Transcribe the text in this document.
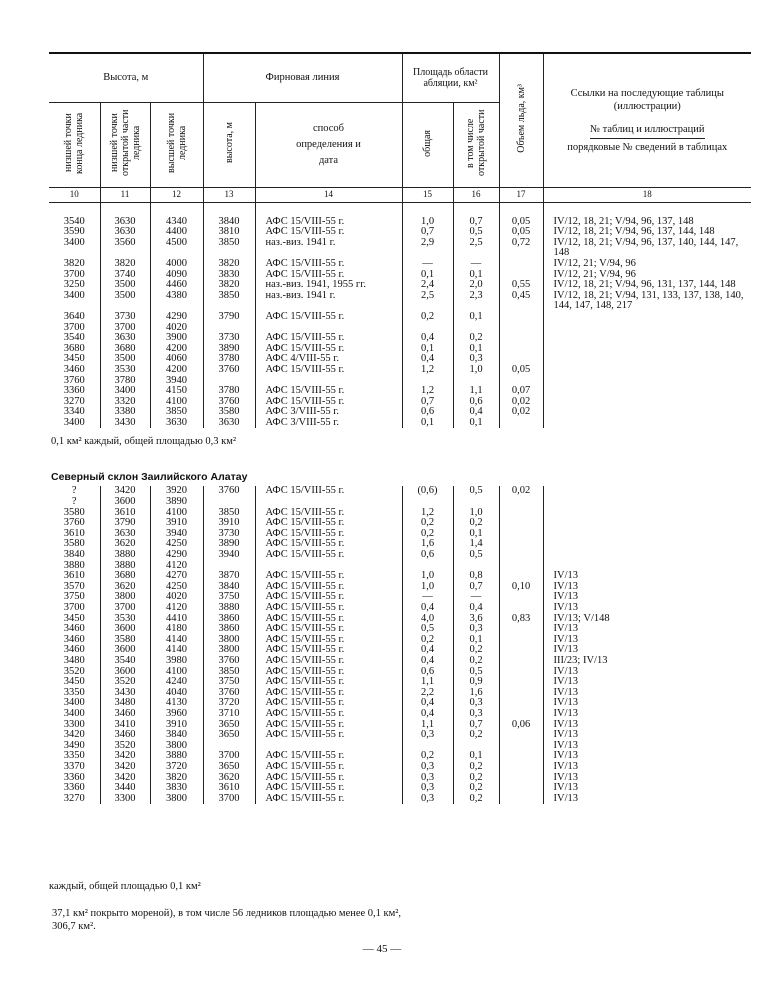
Высота, м			Фирновая линия		Площадь области абляции, км²		Объем льда, км³	Ссылки на последующие таблицы (иллюстрации)
№ таблиц и иллюстраций
порядковые № сведений в таблицах

низшей точки конца ледника	низшей точки открытой части ледника	высшей точки ледника	высота, м	способ определения и дата	общая	в том числе открытой части		
10	11	12	13	14	15	16	17	18

3540	3630	4340	3840	АФС 15/VIII-55 г.	1,0	0,7	0,05	IV/12, 18, 21; V/94, 96, 137, 148
3590	3630	4400	3810	АФС 15/VIII-55 г.	0,7	0,5	0,05	IV/12, 18, 21; V/94, 96, 137, 144, 148

3400	3560	4500	3850	наз.-виз. 1941 г.	2,9	2,5	0,72	IV/12, 18, 21; V/94, 96, 137, 140, 144, 147, 148

3820	3820	4000	3820	АФС 15/VIII-55 г.	—	—		IV/12, 21; V/94, 96
3700	3740	4090	3830	АФС 15/VIII-55 г.	0,1	0,1		IV/12, 21; V/94, 96
3250	3500	4460	3820	наз.-виз. 1941, 1955 гг.	2,4	2,0	0,55	IV/12, 18, 21; V/94, 96, 131, 137, 144, 148

3400	3500	4380	3850	наз.-виз. 1941 г.	2,5	2,3	0,45	IV/12, 18, 21; V/94, 131, 133, 137, 138, 140, 144, 147, 148, 217

3640	3730	4290	3790	АФС 15/VIII-55 г.	0,2	0,1		
3700	3700	4020						
3540	3630	3900	3730	АФС 15/VIII-55 г.	0,4	0,2		
3680	3680	4200	3890	АФС 15/VIII-55 г.	0,1	0,1		
3450	3500	4060	3780	АФС 4/VIII-55 г.	0,4	0,3		
3460	3530	4200	3760	АФС 15/VIII-55 г.	1,2	1,0	0,05	
3760	3780	3940						
3360	3400	4150	3780	АФС 15/VIII-55 г.	1,2	1,1	0,07	
3270	3320	4100	3760	АФС 15/VIII-55 г.	0,7	0,6	0,02	
3340	3380	3850	3580	АФС 3/VIII-55 г.	0,6	0,4	0,02	
3400	3430	3630	3630	АФС 3/VIII-55 г.	0,1	0,1		
0,1 км² каждый, общей площадью 0,3 км²								
Северный склон Заилийского Алатау								
?	3420	3920	3760	АФС 15/VIII-55 г.	(0,6)	0,5	0,02	
?	3600	3890						
3580	3610	4100	3850	АФС 15/VIII-55 г.	1,2	1,0		
3760	3790	3910	3910	АФС 15/VIII-55 г.	0,2	0,2		
3610	3630	3940	3730	АФС 15/VIII-55 г.	0,2	0,1		
3580	3620	4250	3890	АФС 15/VIII-55 г.	1,6	1,4		
3840	3880	4290	3940	АФС 15/VIII-55 г.	0,6	0,5		
3880	3880	4120						
3610	3680	4270	3870	АФС 15/VIII-55 г.	1,0	0,8		IV/13
3570	3620	4250	3840	АФС 15/VIII-55 г.	1,0	0,7	0,10	IV/13
3750	3800	4020	3750	АФС 15/VIII-55 г.	—	—		IV/13
3700	3700	4120	3880	АФС 15/VIII-55 г.	0,4	0,4		IV/13
3450	3530	4410	3860	АФС 15/VIII-55 г.	4,0	3,6	0,83	IV/13; V/148

3460	3600	4180	3860	АФС 15/VIII-55 г.	0,5	0,3		IV/13
3460	3580	4140	3800	АФС 15/VIII-55 г.	0,2	0,1		IV/13
3460	3600	4140	3800	АФС 15/VIII-55 г.	0,4	0,2		IV/13
3480	3540	3980	3760	АФС 15/VIII-55 г.	0,4	0,2		III/23; IV/13
3520	3600	4100	3850	АФС 15/VIII-55 г.	0,6	0,5		IV/13
3450	3520	4240	3750	АФС 15/VIII-55 г.	1,1	0,9		IV/13
3350	3430	4040	3760	АФС 15/VIII-55 г.	2,2	1,6		IV/13
3400	3480	4130	3720	АФС 15/VIII-55 г.	0,4	0,3		IV/13
3400	3460	3960	3710	АФС 15/VIII-55 г.	0,4	0,3		IV/13
3300	3410	3910	3650	АФС 15/VIII-55 г.	1,1	0,7	0,06	IV/13
3420	3460	3840	3650	АФС 15/VIII-55 г.	0,3	0,2		IV/13
3490	3520	3800						IV/13
3350	3420	3880	3700	АФС 15/VIII-55 г.	0,2	0,1		IV/13
3370	3420	3720	3650	АФС 15/VIII-55 г.	0,3	0,2		IV/13
3360	3420	3820	3620	АФС 15/VIII-55 г.	0,3	0,2		IV/13
3360	3440	3830	3610	АФС 15/VIII-55 г.	0,3	0,2		IV/13
3270	3300	3800	3700	АФС 15/VIII-55 г.	0,3	0,2		IV/13
каждый, общей площадью 0,1 км²
37,1 км² покрыто мореной), в том числе 56 ледников площадью менее 0,1 км²,
306,7 км².
— 45 —
